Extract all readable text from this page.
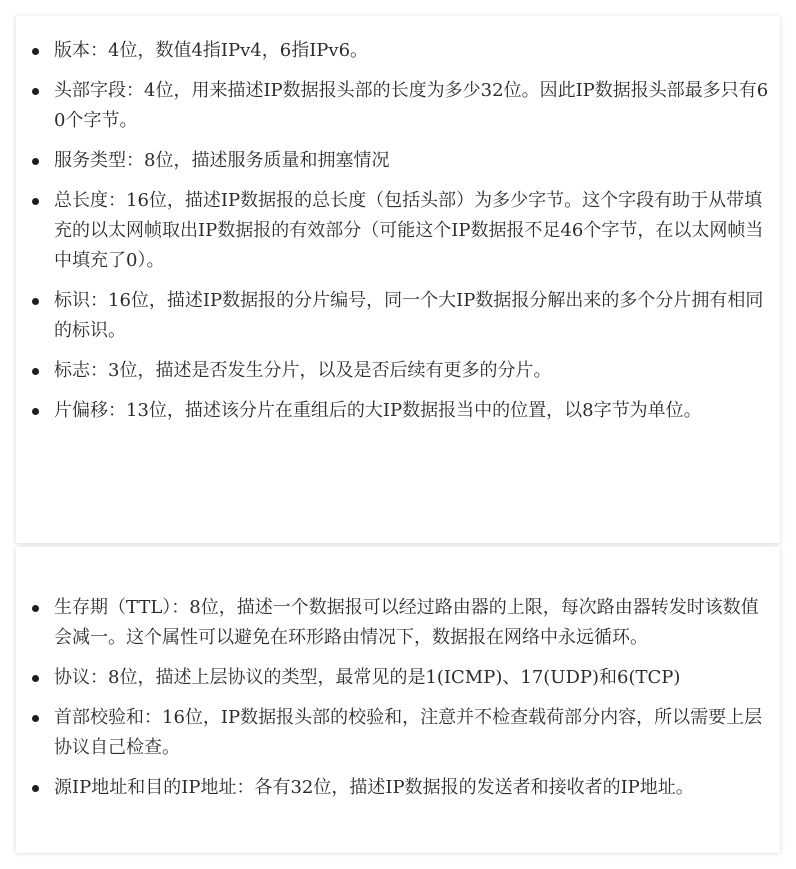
版本：4位，数值4指IPv4，6指IPv6。
头部字段：4位，用来描述IP数据报头部的长度为多少32位。因此IP数据报头部最多只有60个字节。
服务类型：8位，描述服务质量和拥塞情况
总长度：16位，描述IP数据报的总长度（包括头部）为多少字节。这个字段有助于从带填充的以太网帧取出IP数据报的有效部分（可能这个IP数据报不足46个字节，在以太网帧当中填充了0）。
标识：16位，描述IP数据报的分片编号，同一个大IP数据报分解出来的多个分片拥有相同的标识。
标志：3位，描述是否发生分片，以及是否后续有更多的分片。
片偏移：13位，描述该分片在重组后的大IP数据报当中的位置，以8字节为单位。
生存期（TTL）：8位，描述一个数据报可以经过路由器的上限，每次路由器转发时该数值会减一。这个属性可以避免在环形路由情况下，数据报在网络中永远循环。
协议：8位，描述上层协议的类型，最常见的是1(ICMP)、17(UDP)和6(TCP)
首部校验和：16位，IP数据报头部的校验和，注意并不检查载荷部分内容，所以需要上层协议自己检查。
源IP地址和目的IP地址：各有32位，描述IP数据报的发送者和接收者的IP地址。
